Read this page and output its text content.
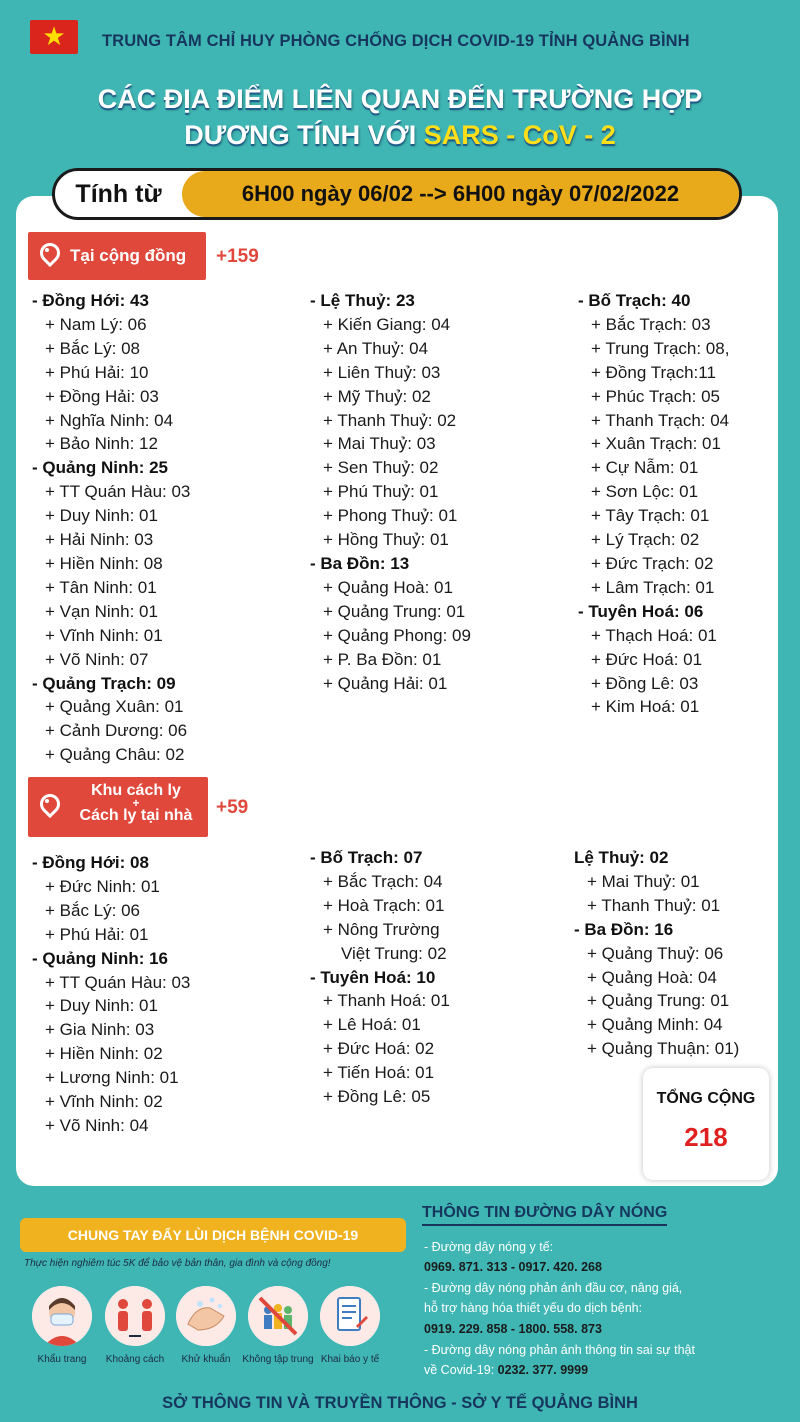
★	TRUNG TÂM CHỈ HUY PHÒNG CHỐNG DỊCH COVID-19 TỈNH QUẢNG BÌNH
CÁC ĐỊA ĐIỂM LIÊN QUAN ĐẾN TRƯỜNG HỢP
DƯƠNG TÍNH VỚI SARS - CoV - 2
Tính từ	6H00 ngày 06/02 --> 6H00 ngày 07/02/2022
Tại cộng đồng +159
- Đồng Hới: 43
+ Nam Lý: 06
+ Bắc Lý: 08
+ Phú Hải: 10
+ Đồng Hải: 03
+ Nghĩa Ninh: 04
+ Bảo Ninh: 12
- Quảng Ninh: 25
+ TT Quán Hàu: 03
+ Duy Ninh: 01
+ Hải Ninh: 03
+ Hiền Ninh: 08
+ Tân Ninh: 01
+ Vạn Ninh: 01
+ Vĩnh Ninh: 01
+ Võ Ninh: 07
- Quảng Trạch: 09
+ Quảng Xuân: 01
+ Cảnh Dương: 06
+ Quảng Châu: 02
- Lệ Thuỷ: 23
+ Kiến Giang: 04
+ An Thuỷ: 04
+ Liên Thuỷ: 03
+ Mỹ Thuỷ: 02
+ Thanh Thuỷ: 02
+ Mai Thuỷ: 03
+ Sen Thuỷ: 02
+ Phú Thuỷ: 01
+ Phong Thuỷ: 01
+ Hồng Thuỷ: 01
- Ba Đồn: 13
+ Quảng Hoà: 01
+ Quảng Trung: 01
+ Quảng Phong: 09
+ P. Ba Đồn: 01
+ Quảng Hải: 01
- Bố Trạch: 40
+ Bắc Trạch: 03
+ Trung Trạch: 08,
+ Đồng Trạch:11
+ Phúc Trạch: 05
+ Thanh Trạch: 04
+ Xuân Trạch: 01
+ Cự Nẫm: 01
+ Sơn Lộc: 01
+ Tây Trạch: 01
+ Lý Trạch: 02
+ Đức Trạch: 02
+ Lâm Trạch: 01
- Tuyên Hoá: 06
+ Thạch Hoá: 01
+ Đức Hoá: 01
+ Đồng Lê: 03
+ Kim Hoá: 01
Khu cách ly
+
Cách ly tại nhà	+59
- Đồng Hới: 08
+ Đức Ninh: 01
+ Bắc Lý: 06
+ Phú Hải: 01
- Quảng Ninh: 16
+ TT Quán Hàu: 03
+ Duy Ninh: 01
+ Gia Ninh: 03
+ Hiền Ninh: 02
+ Lương Ninh: 01
+ Vĩnh Ninh: 02
+ Võ Ninh: 04
- Bố Trạch: 07
+ Bắc Trạch: 04
+ Hoà Trạch: 01
+ Nông Trường
Việt Trung: 02
- Tuyên Hoá: 10
+ Thanh Hoá: 01
+ Lê Hoá: 01
+ Đức Hoá: 02
+ Tiến Hoá: 01
+ Đồng Lê: 05
Lệ Thuỷ: 02
+ Mai Thuỷ: 01
+ Thanh Thuỷ: 01
- Ba Đồn: 16
+ Quảng Thuỷ: 06
+ Quảng Hoà: 04
+ Quảng Trung: 01
+ Quảng Minh: 04
+ Quảng Thuận: 01)
TỔNG CỘNG
218
CHUNG TAY ĐẨY LÙI DỊCH BỆNH COVID-19
Thực hiện nghiêm túc 5K để bảo vệ bản thân, gia đình và cộng đồng!
Khẩu trang	Khoảng cách	Khử khuẩn	Không tập trung Khai báo y tế
THÔNG TIN ĐƯỜNG DÂY NÓNG
- Đường dây nóng y tế:
0969. 871. 313 - 0917. 420. 268
- Đường dây nóng phản ánh đầu cơ, nâng giá,
hỗ trợ hàng hóa thiết yếu do dịch bệnh:
0919. 229. 858 - 1800. 558. 873
- Đường dây nóng phản ánh thông tin sai sự thật
về Covid-19: 0232. 377. 9999
SỞ THÔNG TIN VÀ TRUYỀN THÔNG - SỞ Y TẾ QUẢNG BÌNH
